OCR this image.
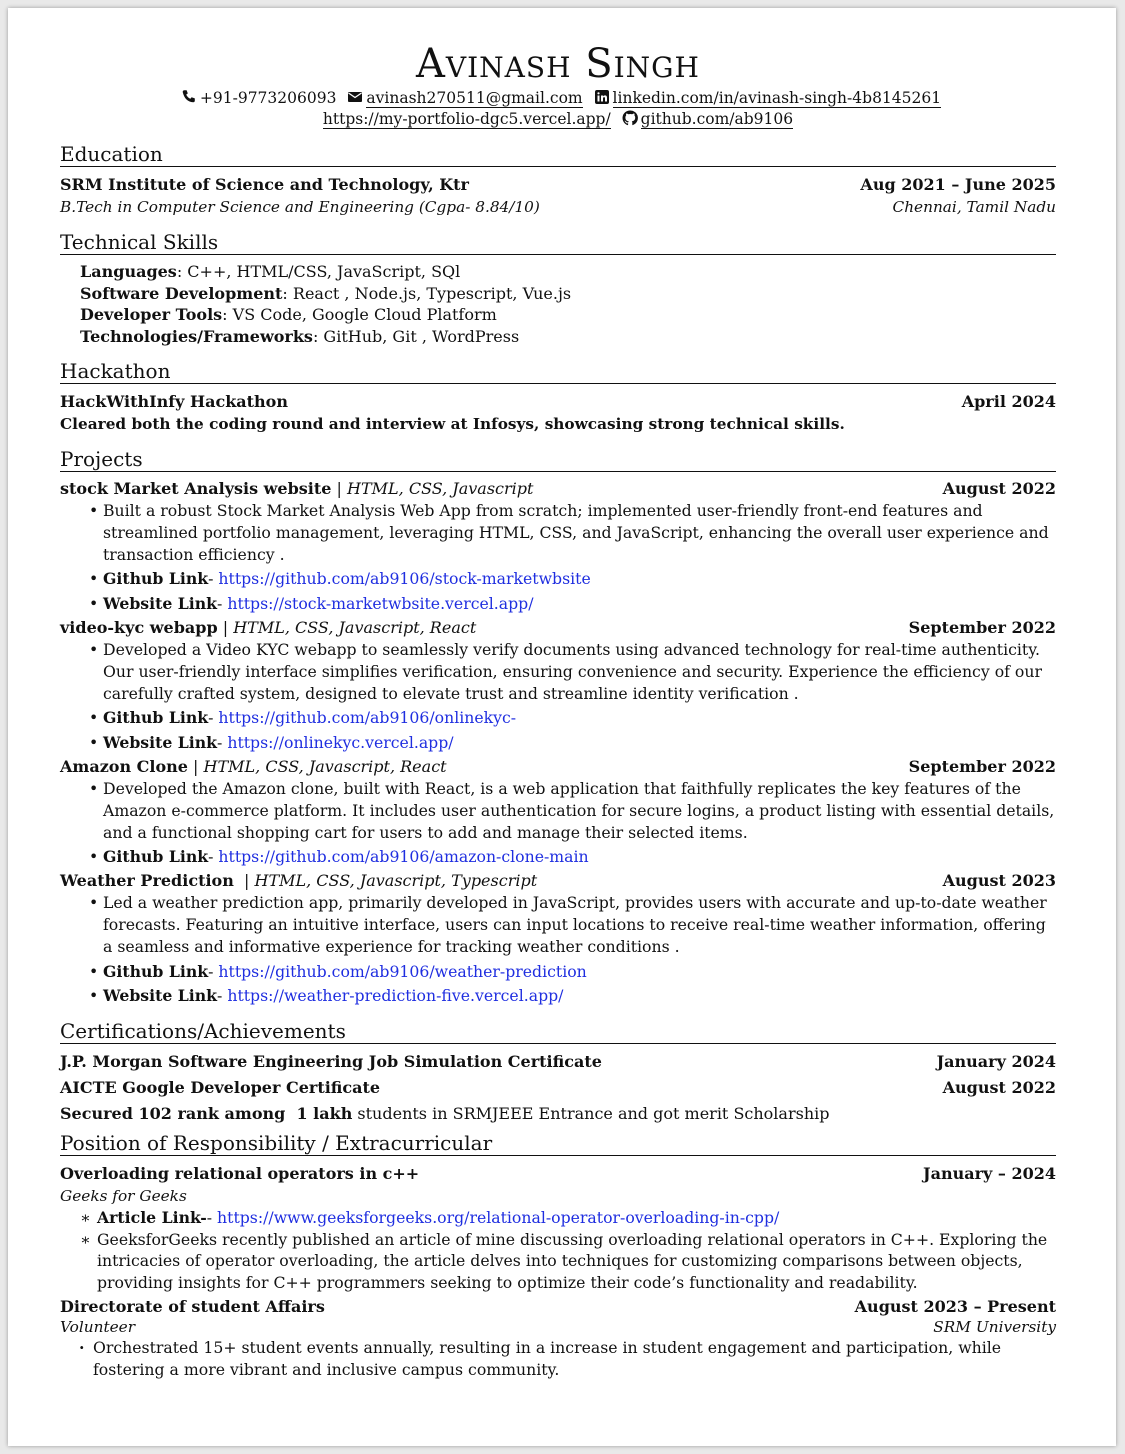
Avinash Singh
+91-9773206093 avinash270511@gmail.com linkedin.com/in/avinash-singh-4b8145261
https://my-portfolio-dgc5.vercel.app/ github.com/ab9106
Education
SRM Institute of Science and Technology, Ktr	Aug 2021 – June 2025
B.Tech in Computer Science and Engineering (Cgpa- 8.84/10)	Chennai, Tamil Nadu
Technical Skills
Languages: C++, HTML/CSS, JavaScript, SQl
Software Development: React , Node.js, Typescript, Vue.js
Developer Tools: VS Code, Google Cloud Platform
Technologies/Frameworks: GitHub, Git , WordPress
Hackathon
HackWithInfy Hackathon	April 2024
Cleared both the coding round and interview at Infosys, showcasing strong technical skills.
Projects
stock Market Analysis website | HTML, CSS, Javascript	August 2022
• Built a robust Stock Market Analysis Web App from scratch; implemented user-friendly front-end features and streamlined portfolio management, leveraging HTML, CSS, and JavaScript, enhancing the overall user experience and transaction efficiency .
• Github Link- https://github.com/ab9106/stock-marketwbsite
• Website Link- https://stock-marketwbsite.vercel.app/
video-kyc webapp | HTML, CSS, Javascript, React	September 2022
• Developed a Video KYC webapp to seamlessly verify documents using advanced technology for real-time authenticity. Our user-friendly interface simplifies verification, ensuring convenience and security. Experience the efficiency of our carefully crafted system, designed to elevate trust and streamline identity verification .
• Github Link- https://github.com/ab9106/onlinekyc-
• Website Link- https://onlinekyc.vercel.app/
Amazon Clone | HTML, CSS, Javascript, React	September 2022
• Developed the Amazon clone, built with React, is a web application that faithfully replicates the key features of the Amazon e-commerce platform. It includes user authentication for secure logins, a product listing with essential details, and a functional shopping cart for users to add and manage their selected items.
• Github Link- https://github.com/ab9106/amazon-clone-main
Weather Prediction  | HTML, CSS, Javascript, Typescript	August 2023
• Led a weather prediction app, primarily developed in JavaScript, provides users with accurate and up-to-date weather forecasts. Featuring an intuitive interface, users can input locations to receive real-time weather information, offering a seamless and informative experience for tracking weather conditions .
• Github Link- https://github.com/ab9106/weather-prediction
• Website Link- https://weather-prediction-five.vercel.app/
Certifications/Achievements
J.P. Morgan Software Engineering Job Simulation Certificate	January 2024
AICTE Google Developer Certificate	August 2022
Secured 102 rank among  1 lakh students in SRMJEEE Entrance and got merit Scholarship
Position of Responsibility / Extracurricular
Overloading relational operators in c++	January – 2024
Geeks for Geeks
∗ Article Link-- https://www.geeksforgeeks.org/relational-operator-overloading-in-cpp/
∗ GeeksforGeeks recently published an article of mine discussing overloading relational operators in C++. Exploring the intricacies of operator overloading, the article delves into techniques for customizing comparisons between objects, providing insights for C++ programmers seeking to optimize their code’s functionality and readability.
Directorate of student Affairs	August 2023 – Present
Volunteer	SRM University
· Orchestrated 15+ student events annually, resulting in a increase in student engagement and participation, while fostering a more vibrant and inclusive campus community.
